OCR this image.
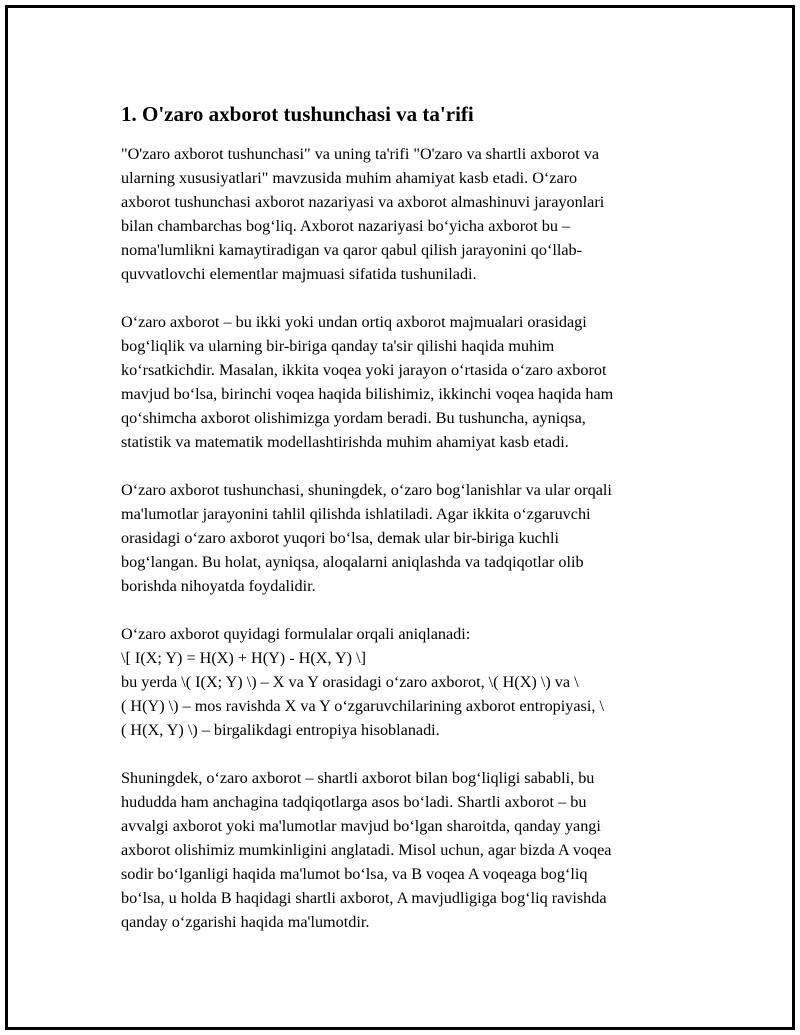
1. O'zaro axborot tushunchasi va ta'rifi
"O'zaro axborot tushunchasi" va uning ta'rifi "O'zaro va shartli axborot va
ularning xususiyatlari" mavzusida muhim ahamiyat kasb etadi. O‘zaro
axborot tushunchasi axborot nazariyasi va axborot almashinuvi jarayonlari
bilan chambarchas bog‘liq. Axborot nazariyasi bo‘yicha axborot bu –
noma'lumlikni kamaytiradigan va qaror qabul qilish jarayonini qo‘llab-
quvvatlovchi elementlar majmuasi sifatida tushuniladi.
O‘zaro axborot – bu ikki yoki undan ortiq axborot majmualari orasidagi
bog‘liqlik va ularning bir-biriga qanday ta'sir qilishi haqida muhim
ko‘rsatkichdir. Masalan, ikkita voqea yoki jarayon o‘rtasida o‘zaro axborot
mavjud bo‘lsa, birinchi voqea haqida bilishimiz, ikkinchi voqea haqida ham
qo‘shimcha axborot olishimizga yordam beradi. Bu tushuncha, ayniqsa,
statistik va matematik modellashtirishda muhim ahamiyat kasb etadi.
O‘zaro axborot tushunchasi, shuningdek, o‘zaro bog‘lanishlar va ular orqali
ma'lumotlar jarayonini tahlil qilishda ishlatiladi. Agar ikkita o‘zgaruvchi
orasidagi o‘zaro axborot yuqori bo‘lsa, demak ular bir-biriga kuchli
bog‘langan. Bu holat, ayniqsa, aloqalarni aniqlashda va tadqiqotlar olib
borishda nihoyatda foydalidir.
O‘zaro axborot quyidagi formulalar orqali aniqlanadi:
\[ I(X; Y) = H(X) + H(Y) - H(X, Y) \]
bu yerda \( I(X; Y) \) – X va Y orasidagi o‘zaro axborot, \( H(X) \) va \
( H(Y) \) – mos ravishda X va Y o‘zgaruvchilarining axborot entropiyasi, \
( H(X, Y) \) – birgalikdagi entropiya hisoblanadi.
Shuningdek, o‘zaro axborot – shartli axborot bilan bog‘liqligi sababli, bu
hududda ham anchagina tadqiqotlarga asos bo‘ladi. Shartli axborot – bu
avvalgi axborot yoki ma'lumotlar mavjud bo‘lgan sharoitda, qanday yangi
axborot olishimiz mumkinligini anglatadi. Misol uchun, agar bizda A voqea
sodir bo‘lganligi haqida ma'lumot bo‘lsa, va B voqea A voqeaga bog‘liq
bo‘lsa, u holda B haqidagi shartli axborot, A mavjudligiga bog‘liq ravishda
qanday o‘zgarishi haqida ma'lumotdir.
